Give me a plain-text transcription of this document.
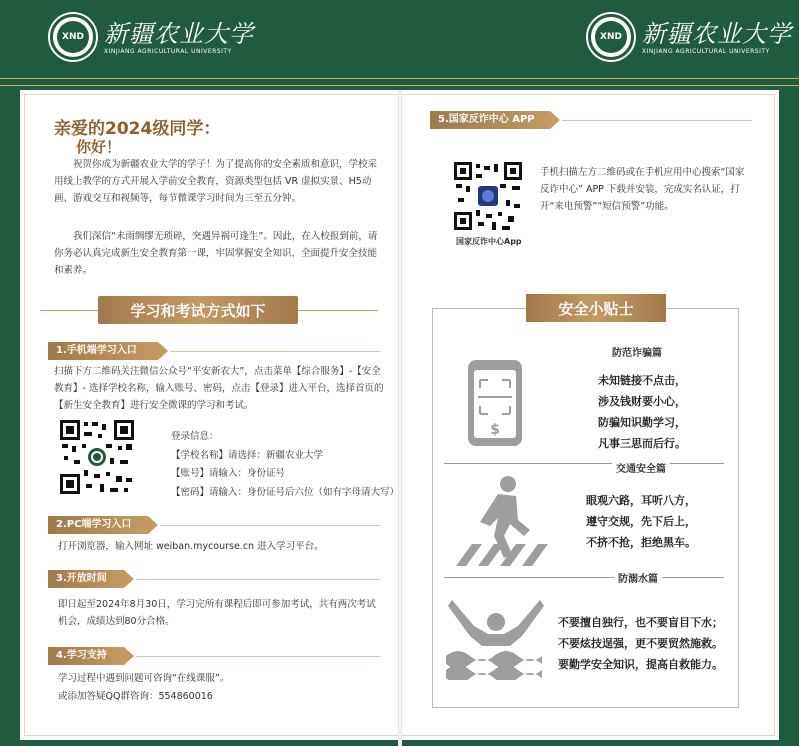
XND 新疆农业大学
XINJIANG AGRICULTURAL UNIVERSITY
XND 新疆农业大学
XINJIANG AGRICULTURAL UNIVERSITY
亲爱的2024级同学：
你好！
祝贺你成为新疆农业大学的学子！为了提高你的安全素质和意识，学校采用线上教学的方式开展入学前安全教育，资源类型包括 VR 虚拟实景、H5动画、游戏交互和视频等，每节微课学习时间为三至五分钟。
我们深信“未雨绸缪无琐碎，突遇异祸可逢生”。因此，在入校报到前，请你务必认真完成新生安全教育第一课，牢固掌握安全知识，全面提升安全技能和素养。
学习和考试方式如下
1.手机端学习入口
扫描下方二维码关注微信公众号“平安新农大”，点击菜单【综合服务】-【安全教育】- 选择学校名称，输入账号、密码，点击【登录】进入平台，选择首页的【新生安全教育】进行安全微课的学习和考试。
登录信息：
【学校名称】请选择：新疆农业大学
【账号】请输入：身份证号
【密码】请输入：身份证号后六位（如有字母请大写）
2.PC端学习入口
打开浏览器，输入网址 weiban.mycourse.cn 进入学习平台。
3.开放时间
即日起至2024年8月30日，学习完所有课程后即可参加考试，共有两次考试机会，成绩达到80分合格。
4.学习支持
学习过程中遇到问题可咨询“在线课服”。
或添加答疑QQ群咨询：554860016
5.国家反诈中心 APP
国家反诈中心App
手机扫描左方二维码或在手机应用中心搜索“国家反诈中心” APP 下载并安装，完成实名认证，打开“来电预警”“短信预警”功能。
安全小贴士
防范诈骗篇
$
未知链接不点击，
涉及钱财要小心，
防骗知识勤学习，
凡事三思而后行。
交通安全篇
眼观六路，耳听八方，
遵守交规，先下后上，
不挤不抢，拒绝黑车。
防溺水篇
不要擅自独行，也不要盲目下水；
不要炫技逞强，更不要贸然施救。
要勤学安全知识，提高自救能力。
